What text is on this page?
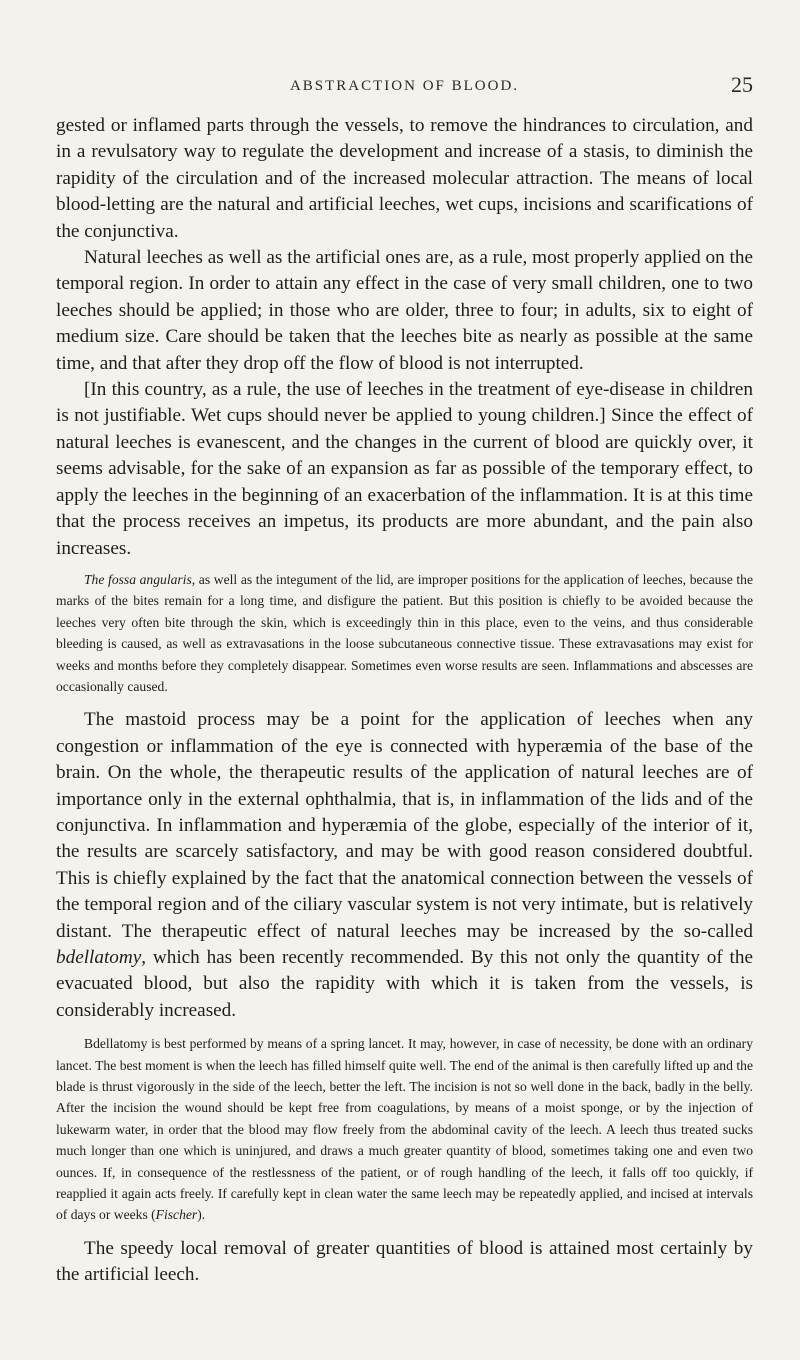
ABSTRACTION OF BLOOD.	25

gested or inflamed parts through the vessels, to remove the hindrances to circulation, and in a revulsatory way to regulate the development and increase of a stasis, to diminish the rapidity of the circulation and of the increased molecular attraction. The means of local blood-letting are the natural and artificial leeches, wet cups, incisions and scarifications of the conjunctiva.

Natural leeches as well as the artificial ones are, as a rule, most properly applied on the temporal region. In order to attain any effect in the case of very small children, one to two leeches should be applied; in those who are older, three to four; in adults, six to eight of medium size. Care should be taken that the leeches bite as nearly as possible at the same time, and that after they drop off the flow of blood is not interrupted.

[In this country, as a rule, the use of leeches in the treatment of eye-disease in children is not justifiable. Wet cups should never be applied to young children.] Since the effect of natural leeches is evanescent, and the changes in the current of blood are quickly over, it seems advisable, for the sake of an expansion as far as possible of the temporary effect, to apply the leeches in the beginning of an exacerbation of the inflammation. It is at this time that the process receives an impetus, its products are more abundant, and the pain also increases.

The fossa angularis, as well as the integument of the lid, are improper positions for the application of leeches, because the marks of the bites remain for a long time, and disfigure the patient. But this position is chiefly to be avoided because the leeches very often bite through the skin, which is exceedingly thin in this place, even to the veins, and thus considerable bleeding is caused, as well as extravasations in the loose subcutaneous connective tissue. These extravasations may exist for weeks and months before they completely disappear. Sometimes even worse results are seen. Inflammations and abscesses are occasionally caused.

The mastoid process may be a point for the application of leeches when any congestion or inflammation of the eye is connected with hyperæmia of the base of the brain. On the whole, the therapeutic results of the application of natural leeches are of importance only in the external ophthalmia, that is, in inflammation of the lids and of the conjunctiva. In inflammation and hyperæmia of the globe, especially of the interior of it, the results are scarcely satisfactory, and may be with good reason considered doubtful. This is chiefly explained by the fact that the anatomical connection between the vessels of the temporal region and of the ciliary vascular system is not very intimate, but is relatively distant. The therapeutic effect of natural leeches may be increased by the so-called bdellatomy, which has been recently recommended. By this not only the quantity of the evacuated blood, but also the rapidity with which it is taken from the vessels, is considerably increased.

Bdellatomy is best performed by means of a spring lancet. It may, however, in case of necessity, be done with an ordinary lancet. The best moment is when the leech has filled himself quite well. The end of the animal is then carefully lifted up and the blade is thrust vigorously in the side of the leech, better the left. The incision is not so well done in the back, badly in the belly. After the incision the wound should be kept free from coagulations, by means of a moist sponge, or by the injection of lukewarm water, in order that the blood may flow freely from the abdominal cavity of the leech. A leech thus treated sucks much longer than one which is uninjured, and draws a much greater quantity of blood, sometimes taking one and even two ounces. If, in consequence of the restlessness of the patient, or of rough handling of the leech, it falls off too quickly, if reapplied it again acts freely. If carefully kept in clean water the same leech may be repeatedly applied, and incised at intervals of days or weeks (Fischer).

The speedy local removal of greater quantities of blood is attained most certainly by the artificial leech.
